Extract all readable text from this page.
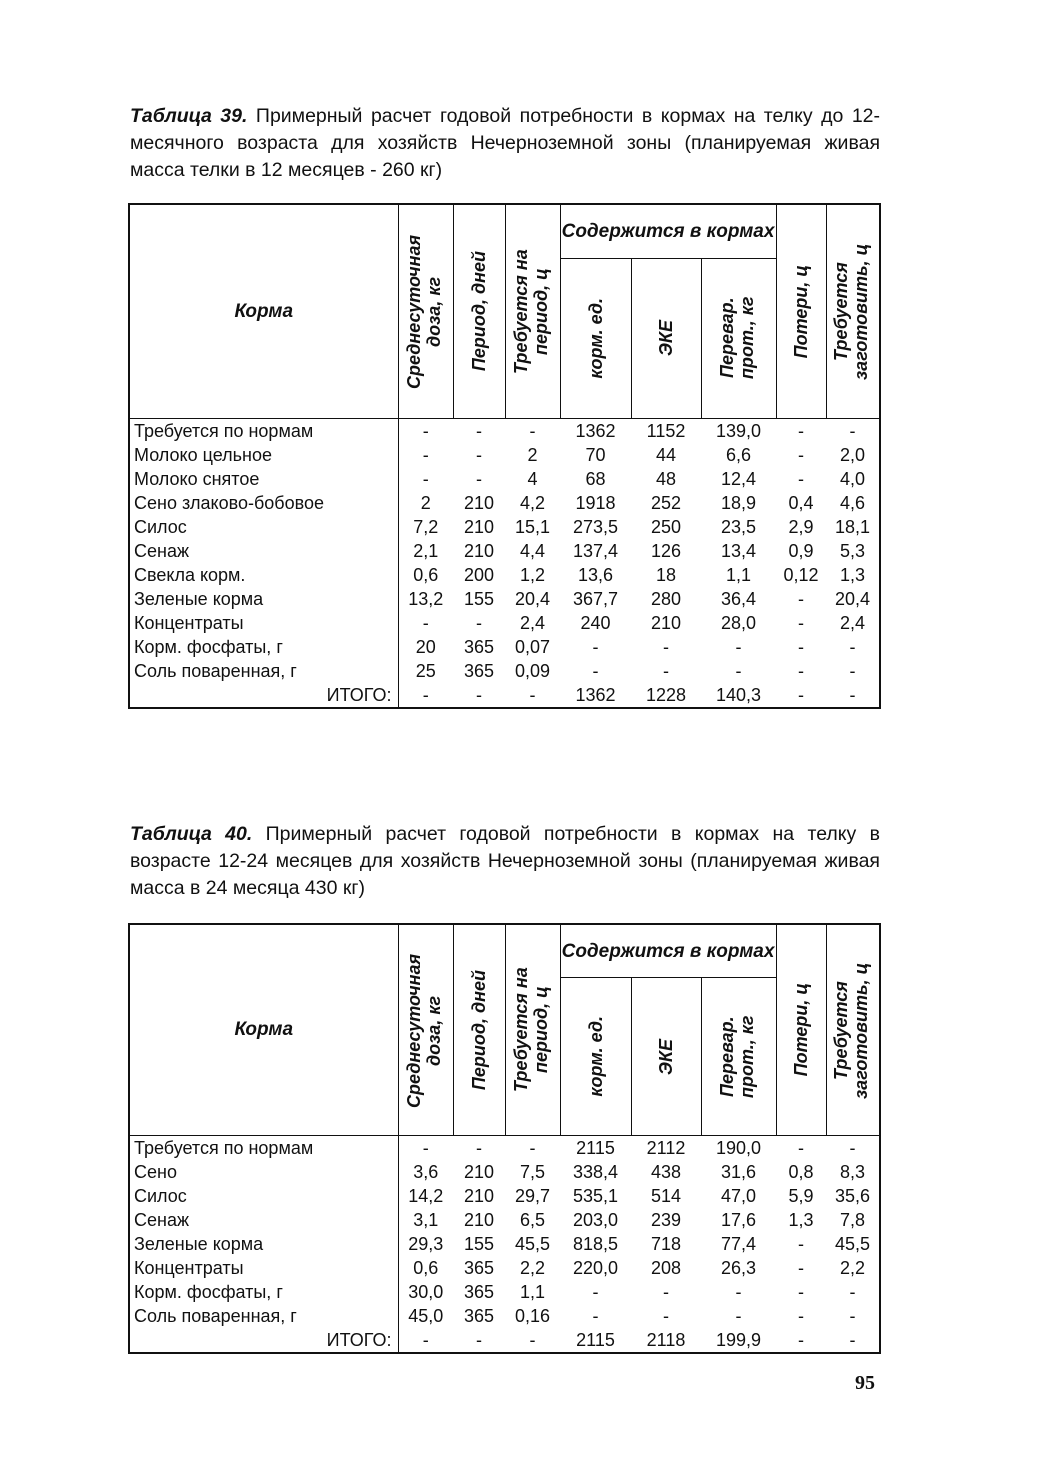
Таблица 39. Примерный расчет годовой потребности в кормах на телку до 12-месячного возраста для хозяйств Нечерноземной зоны (планируемая живая масса телки в 12 месяцев - 260 кг)
Корма	Среднесуточная доза, кг	Период, дней	Требуется на период, ц	Содержится в кормах			Потери, ц	Требуется заготовить, ц

				корм. ед.	ЭКЕ	Перевар. прот., кг		

Требуется по нормам	-	-	-	1362	1152	139,0	-	-
Молоко цельное	-	-	2	70	44	6,6	-	2,0
Молоко снятое	-	-	4	68	48	12,4	-	4,0
Сено злаково-бобовое	2	210	4,2	1918	252	18,9	0,4	4,6
Силос	7,2	210	15,1	273,5	250	23,5	2,9	18,1
Сенаж	2,1	210	4,4	137,4	126	13,4	0,9	5,3
Свекла корм.	0,6	200	1,2	13,6	18	1,1	0,12	1,3
Зеленые корма	13,2	155	20,4	367,7	280	36,4	-	20,4
Концентраты	-	-	2,4	240	210	28,0	-	2,4
Корм. фосфаты, г	20	365	0,07	-	-	-	-	-
Соль поваренная, г	25	365	0,09	-	-	-	-	-
ИТОГО:	-	-	-	1362	1228	140,3	-	-
Таблица 40. Примерный расчет годовой потребности в кормах на телку в возрасте 12-24 месяцев для хозяйств Нечерноземной зоны (планируемая живая масса в 24 месяца 430 кг)
Корма	Среднесуточная доза, кг	Период, дней	Требуется на период, ц	Содержится в кормах			Потери, ц	Требуется заготовить, ц

				корм. ед.	ЭКЕ	Перевар. прот., кг		

Требуется по нормам	-	-	-	2115	2112	190,0	-	-
Сено	3,6	210	7,5	338,4	438	31,6	0,8	8,3
Силос	14,2	210	29,7	535,1	514	47,0	5,9	35,6
Сенаж	3,1	210	6,5	203,0	239	17,6	1,3	7,8
Зеленые корма	29,3	155	45,5	818,5	718	77,4	-	45,5
Концентраты	0,6	365	2,2	220,0	208	26,3	-	2,2
Корм. фосфаты, г	30,0	365	1,1	-	-	-	-	-
Соль поваренная, г	45,0	365	0,16	-	-	-	-	-
ИТОГО:	-	-	-	2115	2118	199,9	-	-
95
